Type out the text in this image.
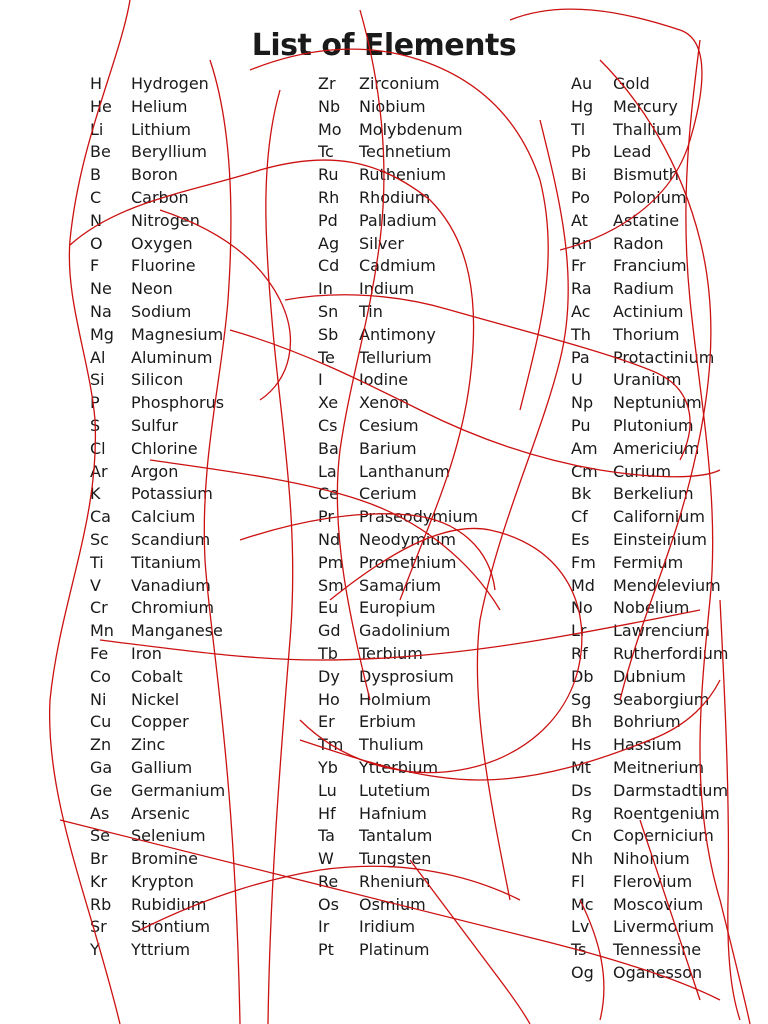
List of Elements
H Hydrogen
He Helium
Li Lithium
Be Beryllium
B Boron
C Carbon
N Nitrogen
O Oxygen
F Fluorine
Ne Neon
Na Sodium
Mg Magnesium
Al Aluminum
Si Silicon
P Phosphorus
S Sulfur
Cl Chlorine
Ar Argon
K Potassium
Ca Calcium
Sc Scandium
Ti Titanium
V Vanadium
Cr Chromium
Mn Manganese
Fe Iron
Co Cobalt
Ni Nickel
Cu Copper
Zn Zinc
Ga Gallium
Ge Germanium
As Arsenic
Se Selenium
Br Bromine
Kr Krypton
Rb Rubidium
Sr Strontium
Y Yttrium
Zr Zirconium
Nb Niobium
Mo Molybdenum
Tc Technetium
Ru Ruthenium
Rh Rhodium
Pd Palladium
Ag Silver
Cd Cadmium
In Indium
Sn Tin
Sb Antimony
Te Tellurium
I Iodine
Xe Xenon
Cs Cesium
Ba Barium
La Lanthanum
Ce Cerium
Pr Praseodymium
Nd Neodymium
Pm Promethium
Sm Samarium
Eu Europium
Gd Gadolinium
Tb Terbium
Dy Dysprosium
Ho Holmium
Er Erbium
Tm Thulium
Yb Ytterbium
Lu Lutetium
Hf Hafnium
Ta Tantalum
W Tungsten
Re Rhenium
Os Osmium
Ir Iridium
Pt Platinum
Au Gold
Hg Mercury
Tl Thallium
Pb Lead
Bi Bismuth
Po Polonium
At Astatine
Rn Radon
Fr Francium
Ra Radium
Ac Actinium
Th Thorium
Pa Protactinium
U Uranium
Np Neptunium
Pu Plutonium
Am Americium
Cm Curium
Bk Berkelium
Cf Californium
Es Einsteinium
Fm Fermium
Md Mendelevium
No Nobelium
Lr Lawrencium
Rf Rutherfordium
Db Dubnium
Sg Seaborgium
Bh Bohrium
Hs Hassium
Mt Meitnerium
Ds Darmstadtium
Rg Roentgenium
Cn Copernicium
Nh Nihonium
Fl Flerovium
Mc Moscovium
Lv Livermorium
Ts Tennessine
Og Oganesson
